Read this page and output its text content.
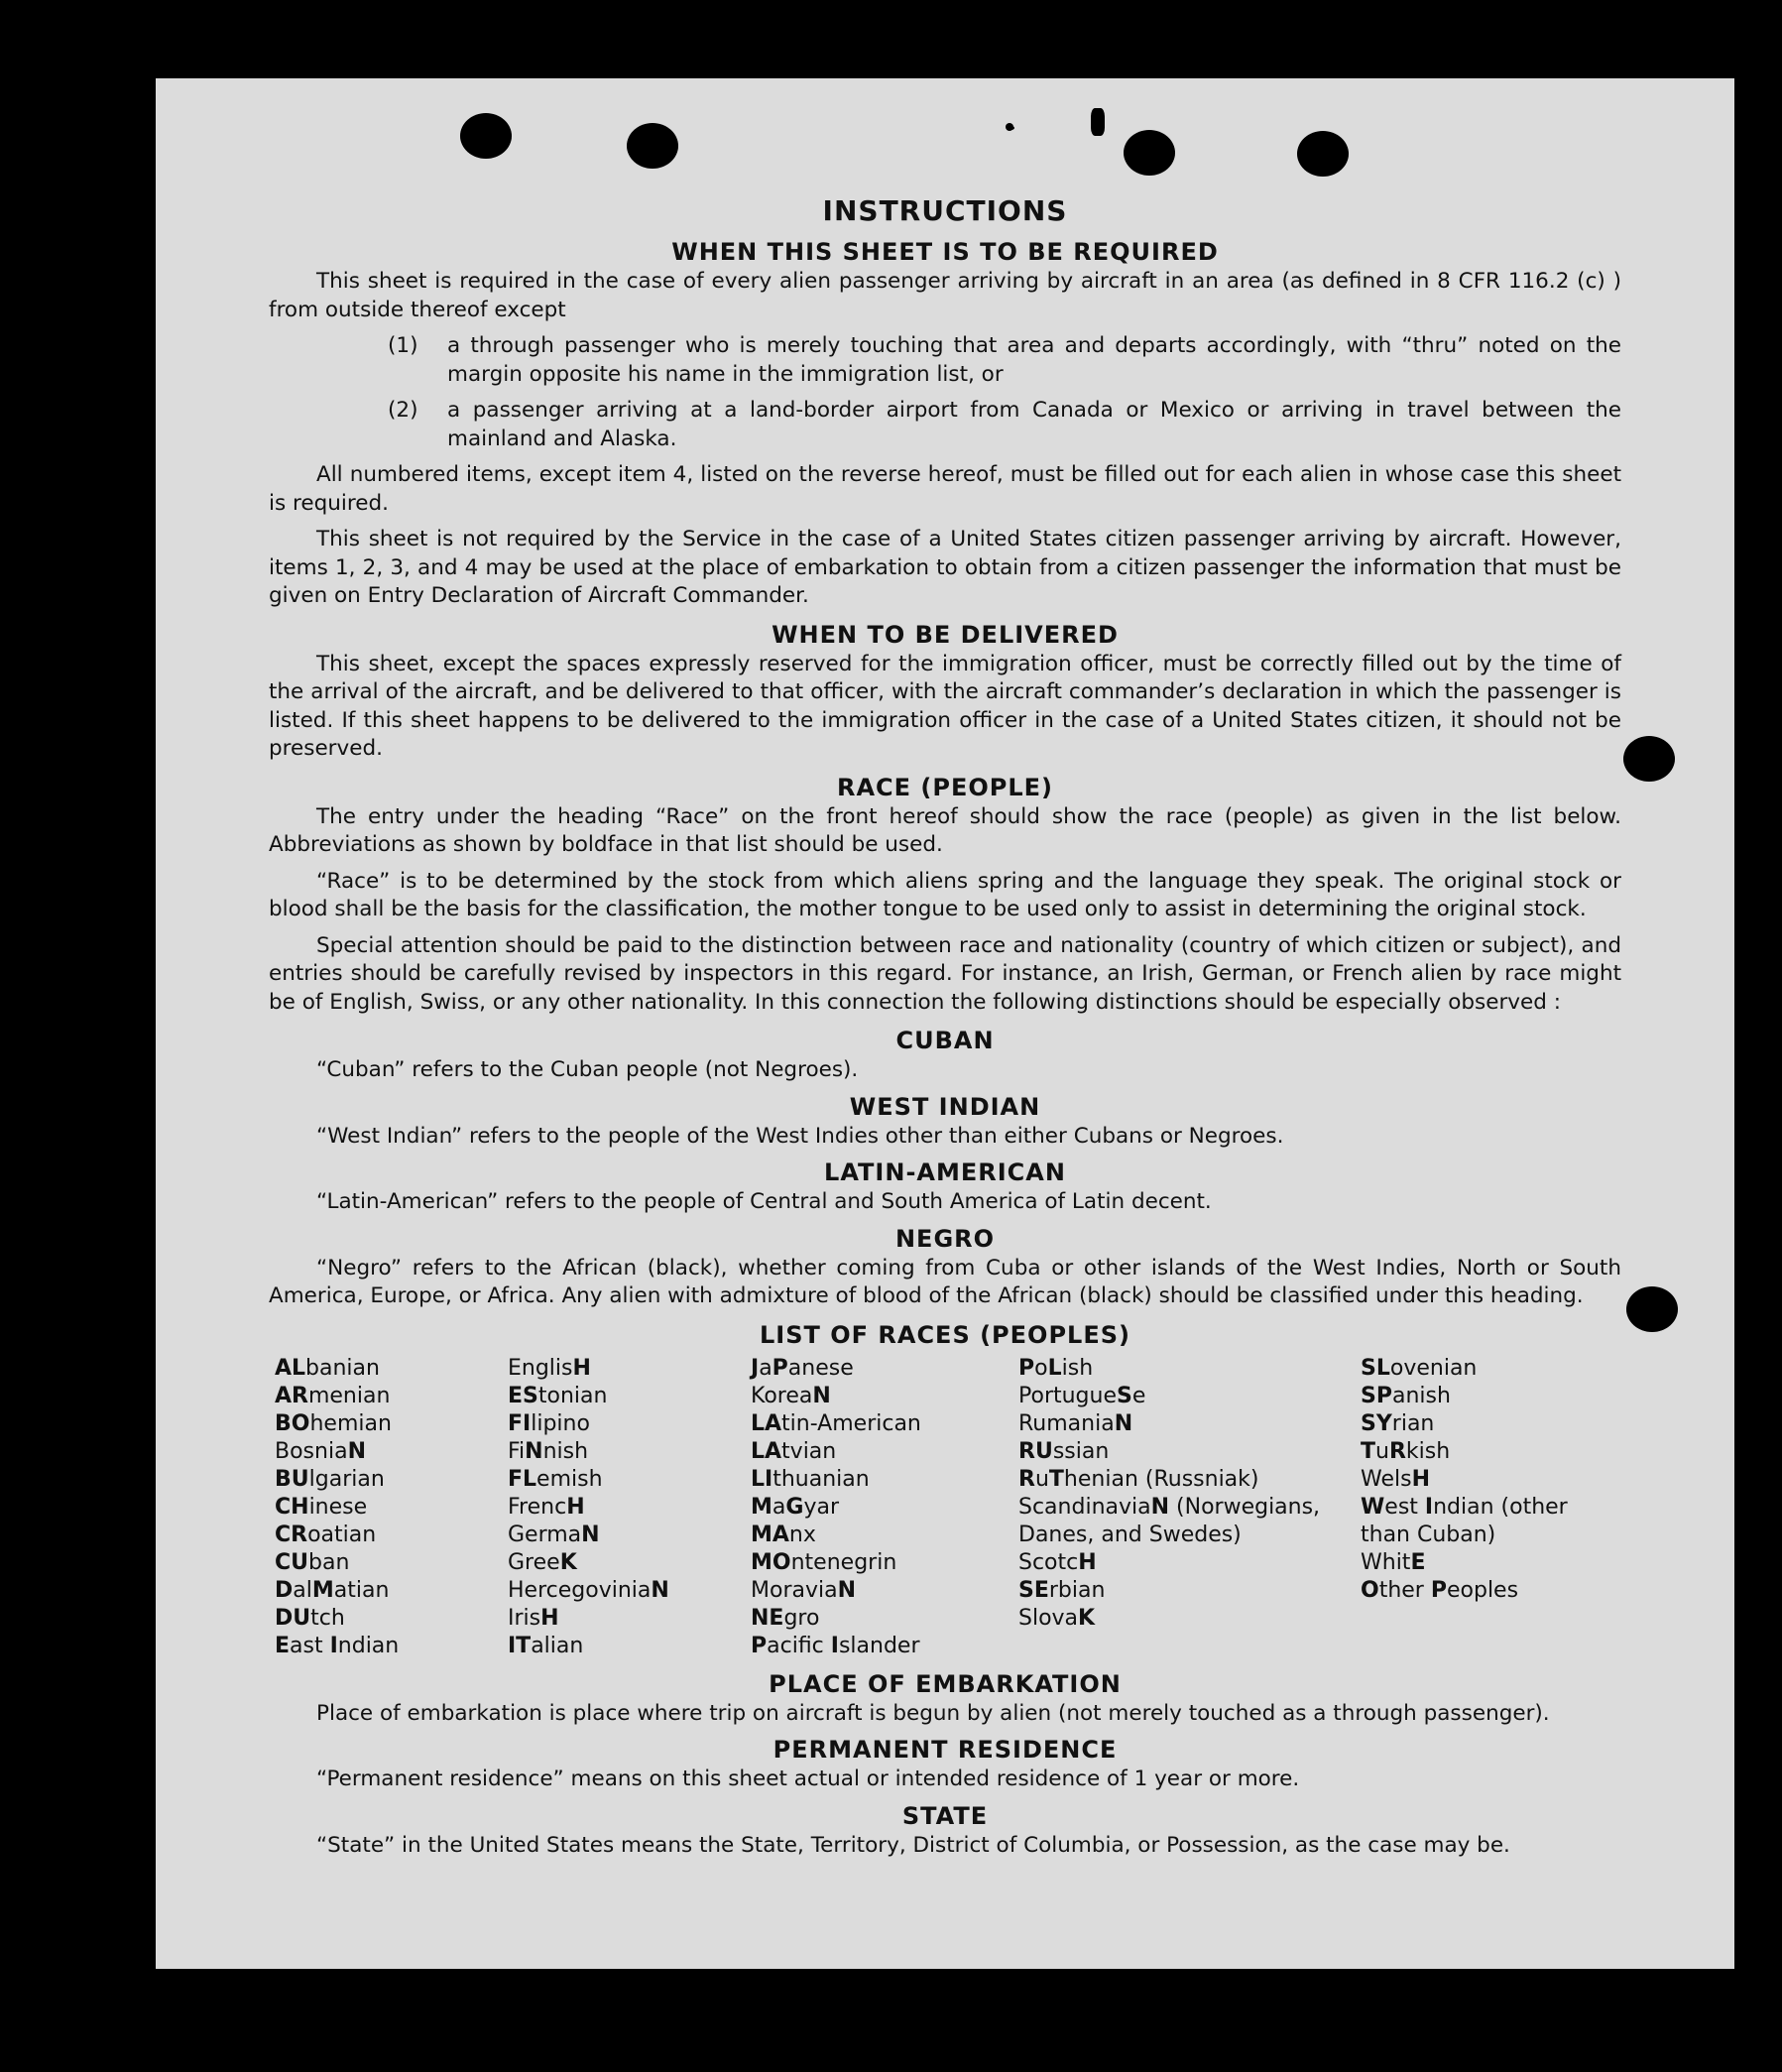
INSTRUCTIONS
WHEN THIS SHEET IS TO BE REQUIRED

This sheet is required in the case of every alien passenger arriving by aircraft in an area (as defined in 8 CFR 116.2 (c) ) from outside thereof except

(1)	a through passenger who is merely touching that area and departs accordingly, with “thru” noted on the margin opposite his name in the immigration list, or
(2)	a passenger arriving at a land-border airport from Canada or Mexico or arriving in travel between the mainland and Alaska.

All numbered items, except item 4, listed on the reverse hereof, must be filled out for each alien in whose case this sheet is required.

This sheet is not required by the Service in the case of a United States citizen passenger arriving by aircraft. However, items 1, 2, 3, and 4 may be used at the place of embarkation to obtain from a citizen passenger the information that must be given on Entry Declaration of Aircraft Commander.

WHEN TO BE DELIVERED

This sheet, except the spaces expressly reserved for the immigration officer, must be correctly filled out by the time of the arrival of the aircraft, and be delivered to that officer, with the aircraft commander’s declaration in which the passenger is listed. If this sheet happens to be delivered to the immigration officer in the case of a United States citizen, it should not be preserved.

RACE (PEOPLE)

The entry under the heading “Race” on the front hereof should show the race (people) as given in the list below. Abbreviations as shown by boldface in that list should be used.

“Race” is to be determined by the stock from which aliens spring and the language they speak. The original stock or blood shall be the basis for the classification, the mother tongue to be used only to assist in determining the original stock.

Special attention should be paid to the distinction between race and nationality (country of which citizen or subject), and entries should be carefully revised by inspectors in this regard. For instance, an Irish, German, or French alien by race might be of English, Swiss, or any other nationality. In this connection the following distinctions should be especially observed :

CUBAN

“Cuban” refers to the Cuban people (not Negroes).

WEST INDIAN

“West Indian” refers to the people of the West Indies other than either Cubans or Negroes.

LATIN-AMERICAN

“Latin-American” refers to the people of Central and South America of Latin decent.

NEGRO

“Negro” refers to the African (black), whether coming from Cuba or other islands of the West Indies, North or South America, Europe, or Africa. Any alien with admixture of blood of the African (black) should be classified under this heading.

LIST OF RACES (PEOPLES)
ALbanian
ARmenian
BOhemian
BosniaN
BUlgarian
CHinese
CRoatian
CUban
DalMatian
DUtch
East Indian
EnglisH
EStonian
FIlipino
FiNnish
FLemish
FrencH
GermaN
GreeK
HercegoviniaN
IrisH
ITalian
JaPanese
KoreaN
LAtin-American
LAtvian
LIthuanian
MaGyar
MAnx
MOntenegrin
MoraviaN
NEgro
Pacific Islander
PoLish
PortugueSe
RumaniaN
RUssian
RuThenian (Russniak)
ScandinaviaN (Norwegians, Danes, and Swedes)
ScotcH
SErbian
SlovaK
SLovenian
SPanish
SYrian
TuRkish
WelsH
West Indian (other than Cuban)
WhitE
Other Peoples
PLACE OF EMBARKATION

Place of embarkation is place where trip on aircraft is begun by alien (not merely touched as a through passenger).

PERMANENT RESIDENCE

“Permanent residence” means on this sheet actual or intended residence of 1 year or more.

STATE

“State” in the United States means the State, Territory, District of Columbia, or Possession, as the case may be.
